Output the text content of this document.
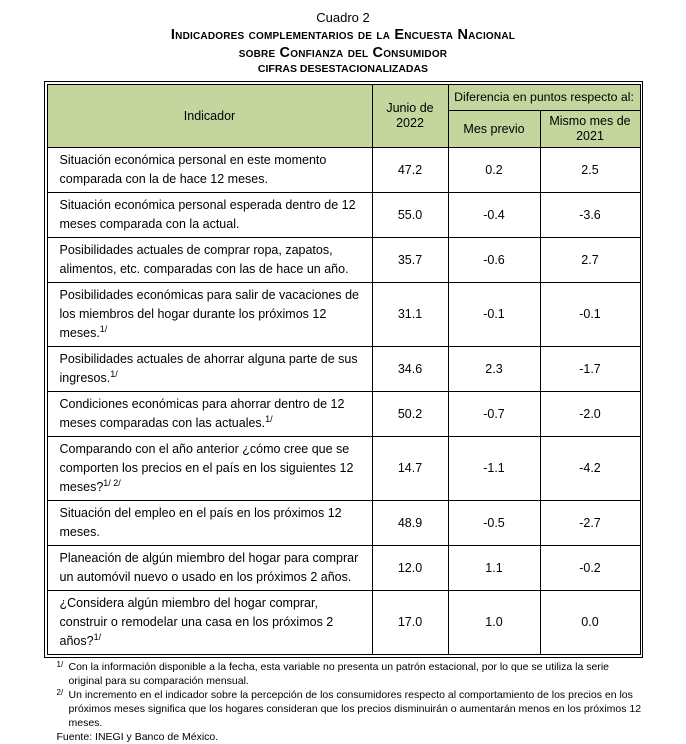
Cuadro 2
Indicadores complementarios de la Encuesta Nacional
sobre Confianza del Consumidor
CIFRAS DESESTACIONALIZADAS
Indicador	Junio de 2022	Diferencia en puntos respecto al:	
		Mes previo	Mismo mes de 2021
Situación económica personal en este momento comparada con la de hace 12 meses.	47.2	0.2	2.5
Situación económica personal esperada dentro de 12 meses comparada con la actual.	55.0	-0.4	-3.6
Posibilidades actuales de comprar ropa, zapatos, alimentos, etc. comparadas con las de hace un año.	35.7	-0.6	2.7
Posibilidades económicas para salir de vacaciones de los miembros del hogar durante los próximos 12 meses.$^{1/}$	31.1	-0.1	-0.1
Posibilidades actuales de ahorrar alguna parte de sus ingresos.$^{1/}$	34.6	2.3	-1.7
Condiciones económicas para ahorrar dentro de 12 meses comparadas con las actuales.$^{1/}$	50.2	-0.7	-2.0
Comparando con el año anterior ¿cómo cree que se comporten los precios en el país en los siguientes 12 meses?$^{1/ 2/}$	14.7	-1.1	-4.2
Situación del empleo en el país en los próximos 12 meses.	48.9	-0.5	-2.7
Planeación de algún miembro del hogar para comprar un automóvil nuevo o usado en los próximos 2 años.	12.0	1.1	-0.2
¿Considera algún miembro del hogar comprar, construir o remodelar una casa en los próximos 2 años?$^{1/}$	17.0	1.0	0.0
1/ Con la información disponible a la fecha, esta variable no presenta un patrón estacional, por lo que se utiliza la serie original para su comparación mensual.
2/ Un incremento en el indicador sobre la percepción de los consumidores respecto al comportamiento de los precios en los próximos meses significa que los hogares consideran que los precios disminuirán o aumentarán menos en los próximos 12 meses.
Fuente: INEGI y Banco de México.
